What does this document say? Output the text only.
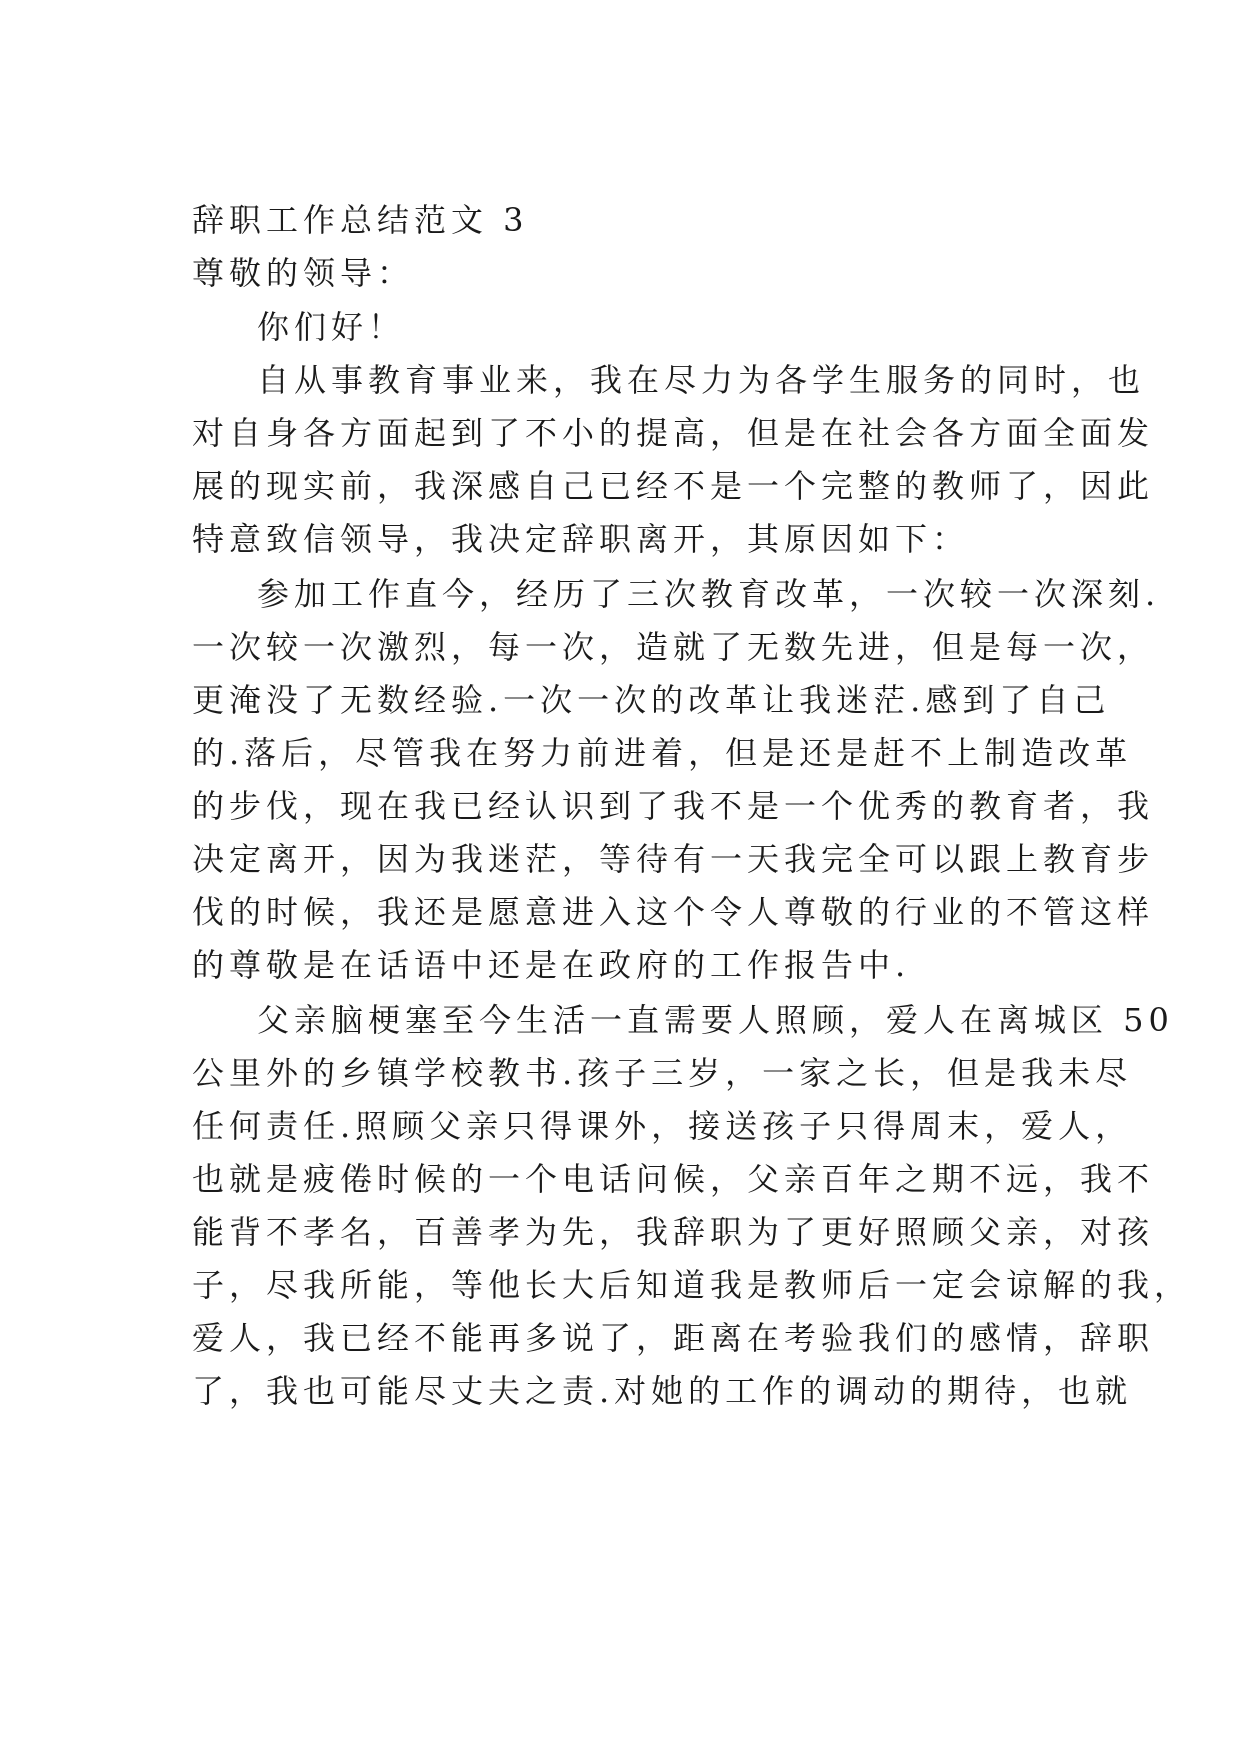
辞职工作总结范文 3
尊敬的领导：
你们好！
自从事教育事业来，我在尽力为各学生服务的同时，也
对自身各方面起到了不小的提高，但是在社会各方面全面发
展的现实前，我深感自己已经不是一个完整的教师了，因此
特意致信领导，我决定辞职离开，其原因如下：
参加工作直今，经历了三次教育改革，一次较一次深刻.
一次较一次激烈，每一次，造就了无数先进，但是每一次，
更淹没了无数经验.一次一次的改革让我迷茫.感到了自己
的.落后，尽管我在努力前进着，但是还是赶不上制造改革
的步伐，现在我已经认识到了我不是一个优秀的教育者，我
决定离开，因为我迷茫，等待有一天我完全可以跟上教育步
伐的时候，我还是愿意进入这个令人尊敬的行业的不管这样
的尊敬是在话语中还是在政府的工作报告中.
父亲脑梗塞至今生活一直需要人照顾，爱人在离城区 50
公里外的乡镇学校教书.孩子三岁，一家之长，但是我未尽
任何责任.照顾父亲只得课外，接送孩子只得周末，爱人，
也就是疲倦时候的一个电话问候，父亲百年之期不远，我不
能背不孝名，百善孝为先，我辞职为了更好照顾父亲，对孩
子，尽我所能，等他长大后知道我是教师后一定会谅解的我，
爱人，我已经不能再多说了，距离在考验我们的感情，辞职
了，我也可能尽丈夫之责.对她的工作的调动的期待，也就
